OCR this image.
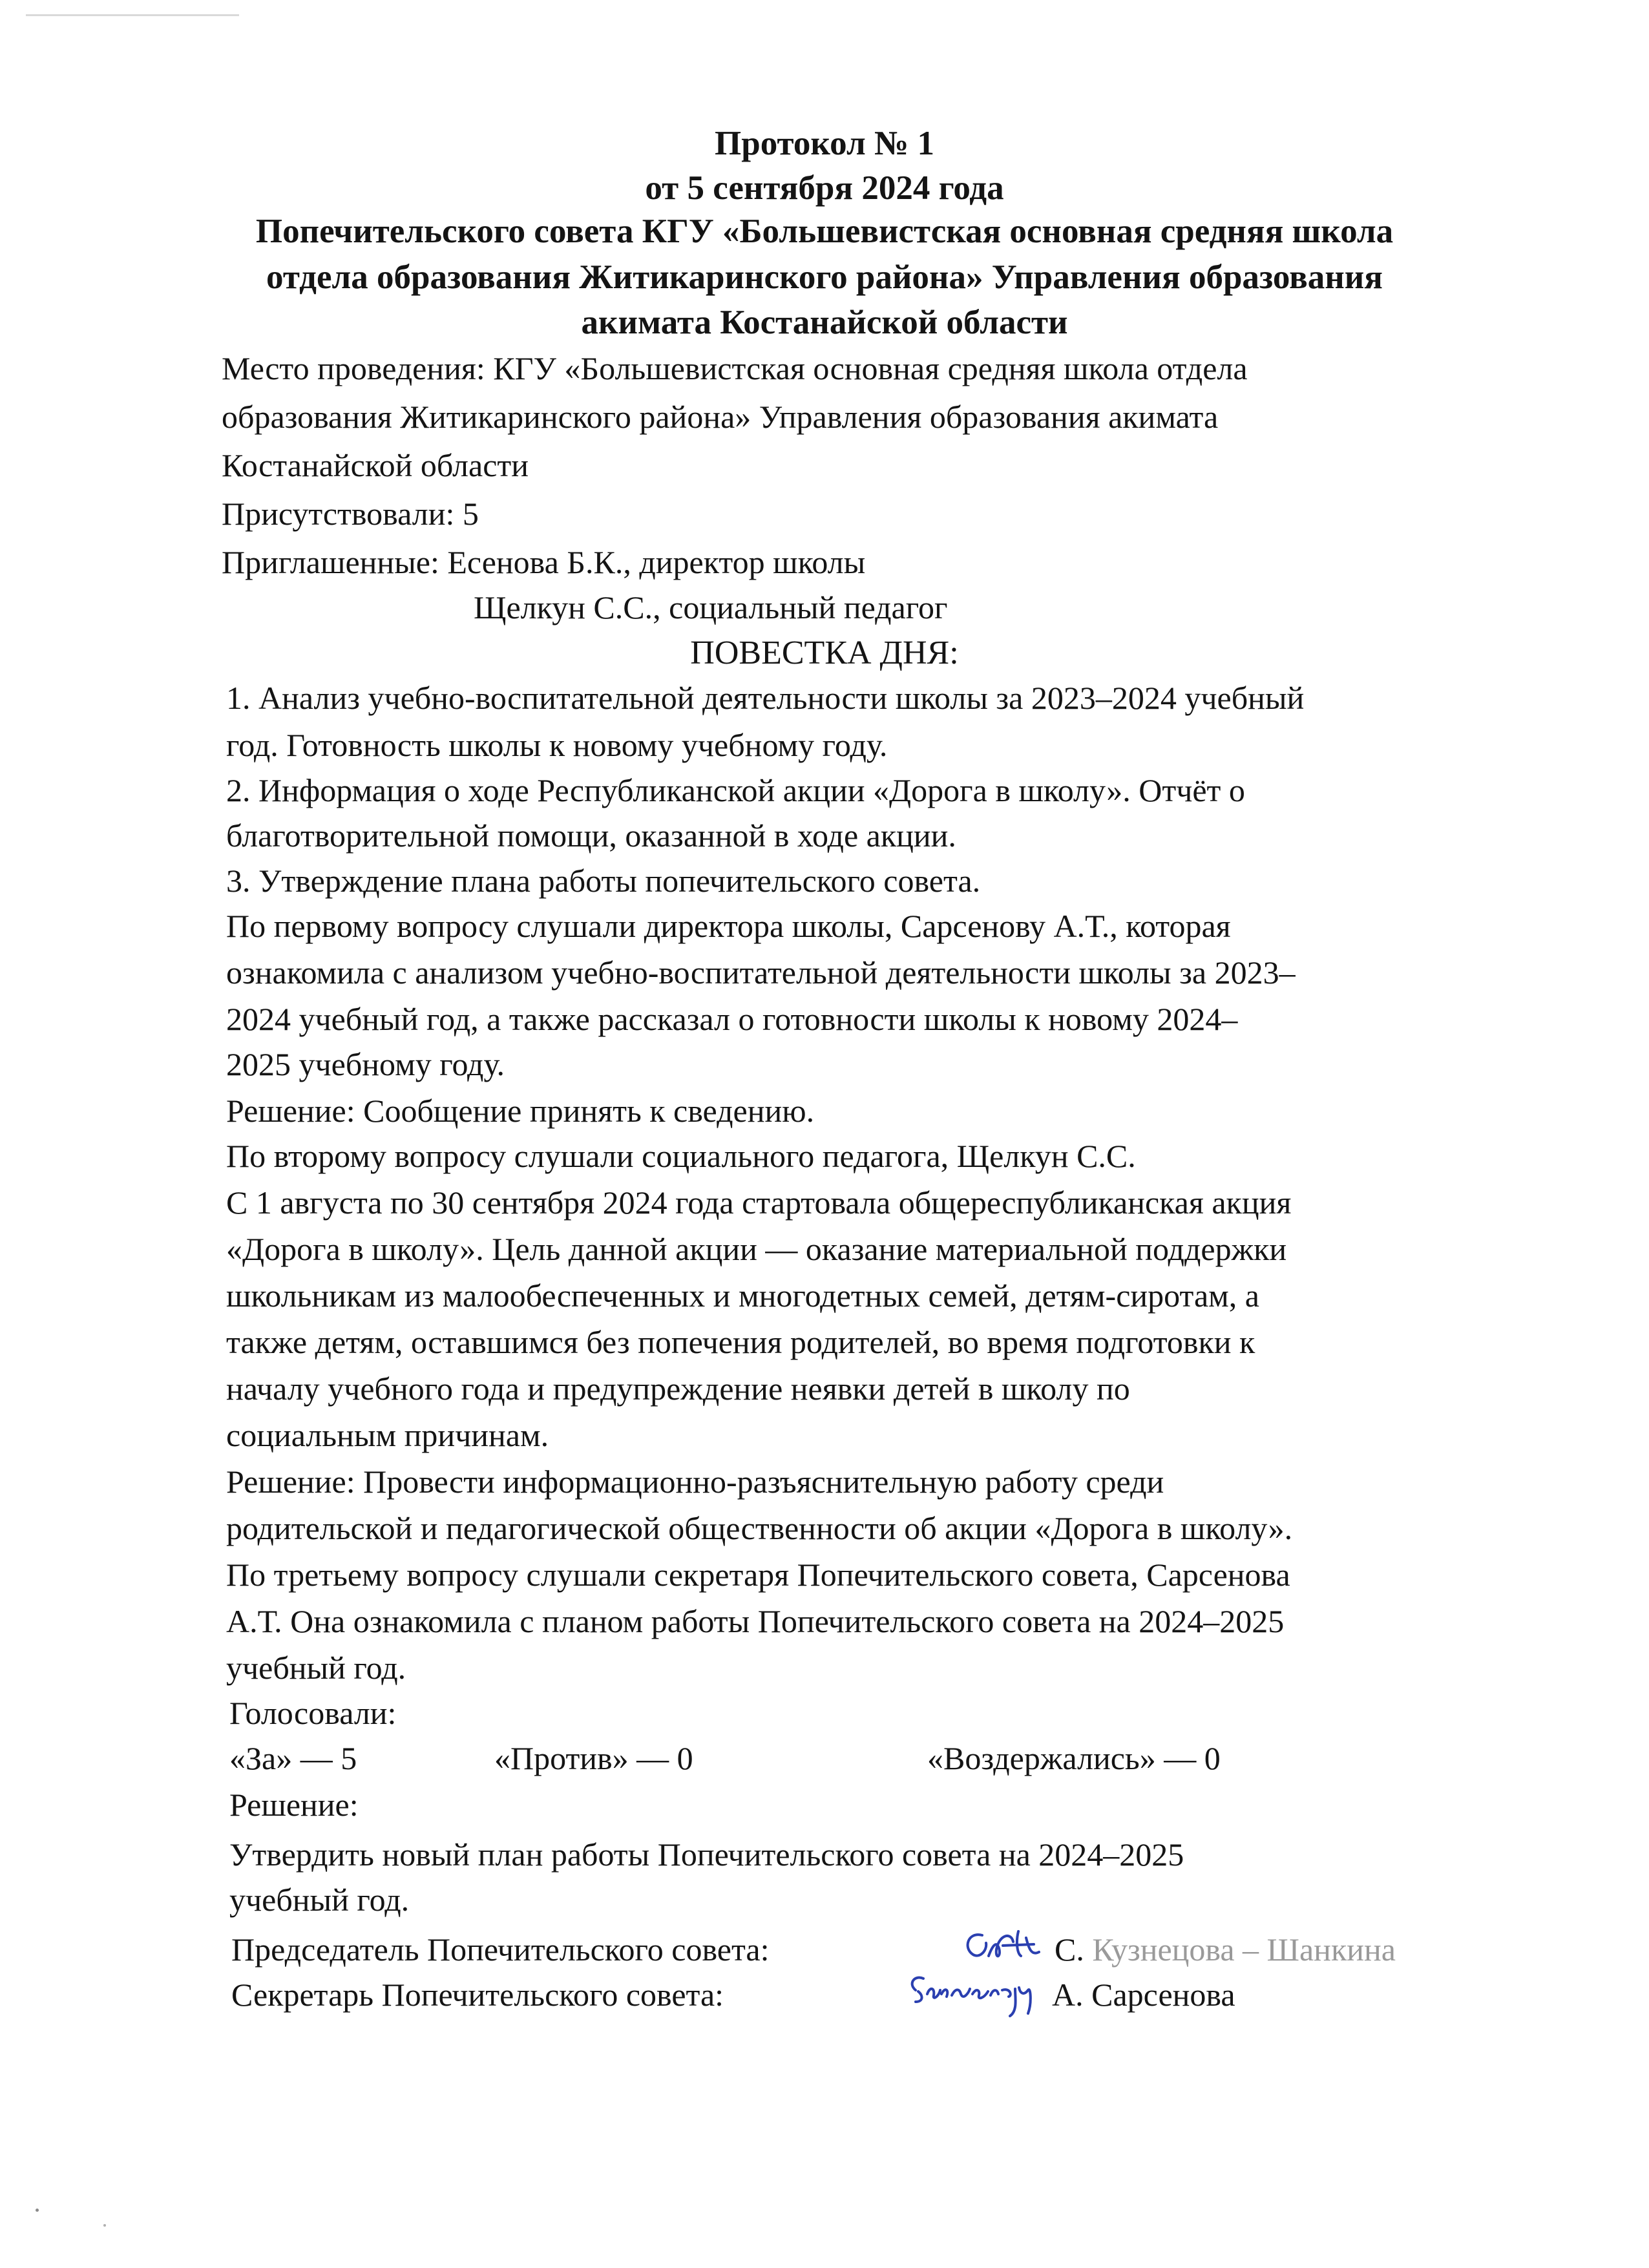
Протокол № 1
от 5 сентября 2024 года
Попечительского совета КГУ «Большевистская основная средняя школа
отдела образования Житикаринского района» Управления образования
акимата Костанайской области
Место проведения: КГУ «Большевистская основная средняя школа отдела
образования Житикаринского района» Управления образования акимата
Костанайской области
Присутствовали: 5
Приглашенные: Есенова Б.К., директор школы
Щелкун С.С., социальный педагог
ПОВЕСТКА ДНЯ:
1. Анализ учебно-воспитательной деятельности школы за 2023–2024 учебный
год. Готовность школы к новому учебному году.
2. Информация о ходе Республиканской акции «Дорога в школу». Отчёт о
благотворительной помощи, оказанной в ходе акции.
3. Утверждение плана работы попечительского совета.
По первому вопросу слушали директора школы, Сарсенову А.Т., которая
ознакомила с анализом учебно-воспитательной деятельности школы за 2023–
2024 учебный год, а также рассказал о готовности школы к новому 2024–
2025 учебному году.
Решение: Сообщение принять к сведению.
По второму вопросу слушали социального педагога, Щелкун С.С.
С 1 августа по 30 сентября 2024 года стартовала общереспубликанская акция
«Дорога в школу». Цель данной акции — оказание материальной поддержки
школьникам из малообеспеченных и многодетных семей, детям-сиротам, а
также детям, оставшимся без попечения родителей, во время подготовки к
началу учебного года и предупреждение неявки детей в школу по
социальным причинам.
Решение: Провести информационно-разъяснительную работу среди
родительской и педагогической общественности об акции «Дорога в школу».
По третьему вопросу слушали секретаря Попечительского совета, Сарсенова
А.Т. Она ознакомила с планом работы Попечительского совета на 2024–2025
учебный год.
Голосовали:
«За» — 5	«Против» — 0	«Воздержались» — 0
Решение:
Утвердить новый план работы Попечительского совета на 2024–2025
учебный год.
Председатель Попечительского совета:	С. Кузнецова – Шанкина
Секретарь Попечительского совета:	А. Сарсенова
